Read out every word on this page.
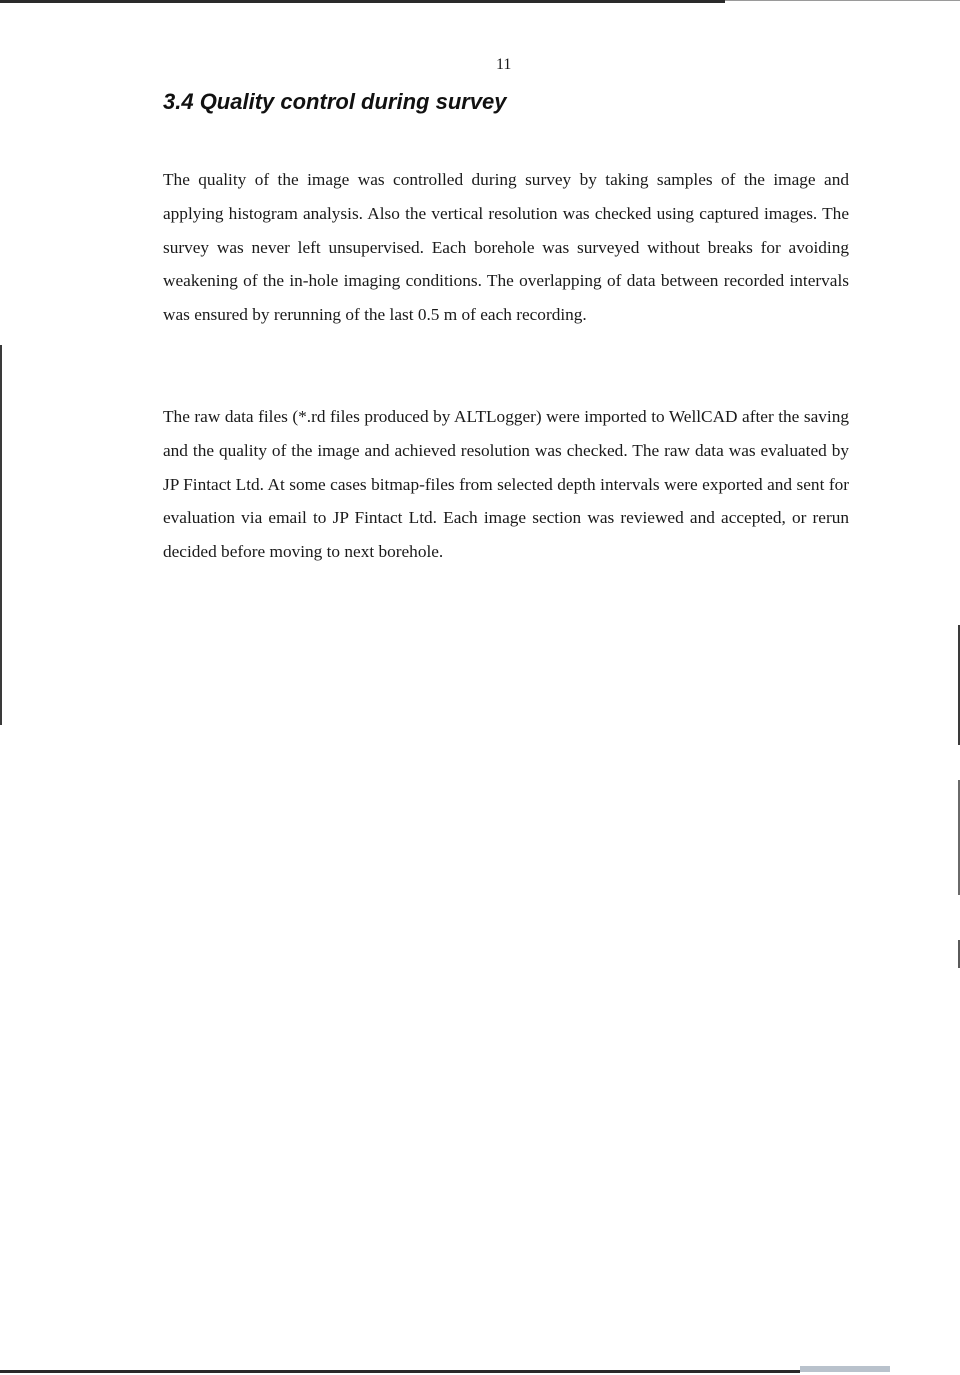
11
3.4 Quality control during survey

The quality of the image was controlled during survey by taking samples of the image and applying histogram analysis. Also the vertical resolution was checked using captured images. The survey was never left unsupervised. Each borehole was surveyed without breaks for avoiding weakening of the in-hole imaging conditions. The overlapping of data between recorded intervals was ensured by rerunning of the last 0.5 m of each recording.

The raw data files (*.rd files produced by ALTLogger) were imported to WellCAD after the saving and the quality of the image and achieved resolution was checked. The raw data was evaluated by JP Fintact Ltd. At some cases bitmap-files from selected depth intervals were exported and sent for evaluation via email to JP Fintact Ltd. Each image section was reviewed and accepted, or rerun decided before moving to next borehole.
